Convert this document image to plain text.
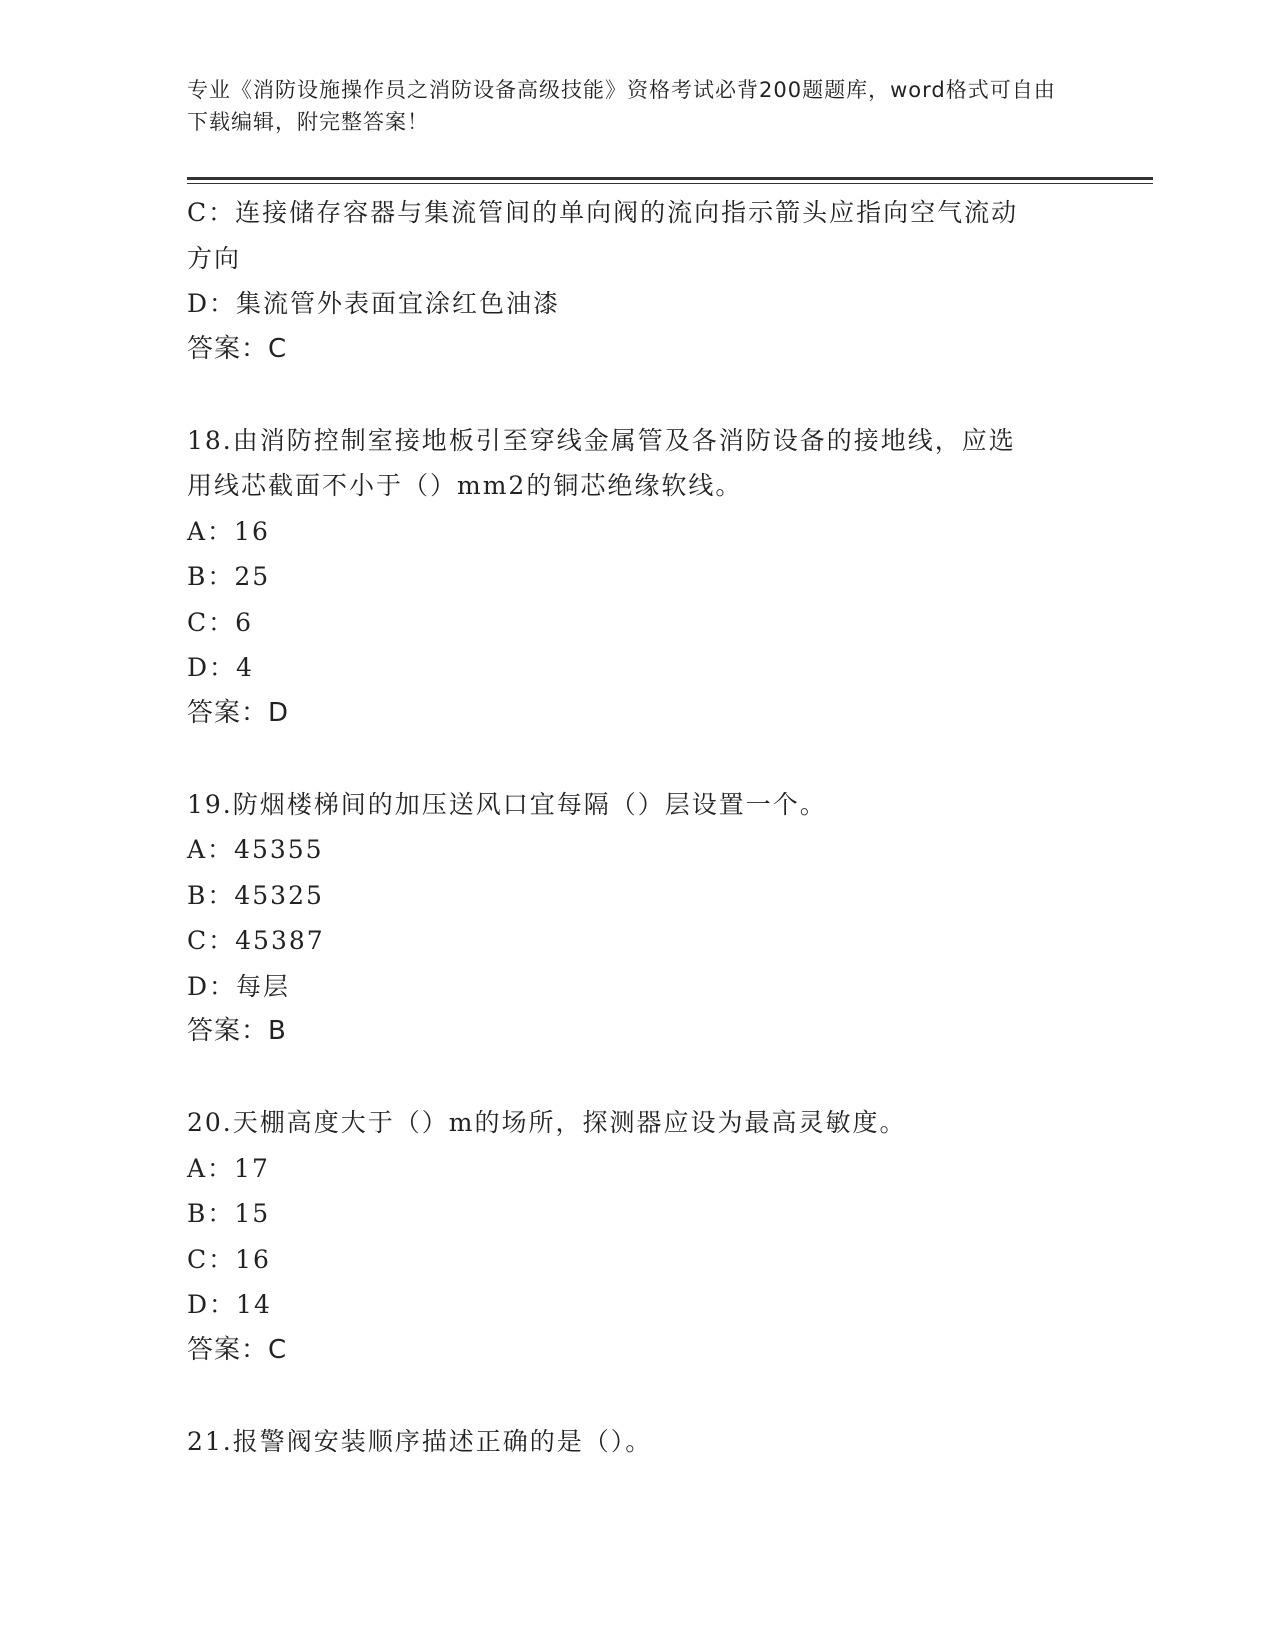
专业《消防设施操作员之消防设备高级技能》资格考试必背200题题库，word格式可自由下载编辑，附完整答案！
C：连接储存容器与集流管间的单向阀的流向指示箭头应指向空气流动
方向
D：集流管外表面宜涂红色油漆
答案：C
18.由消防控制室接地板引至穿线金属管及各消防设备的接地线，应选
用线芯截面不小于（）mm2的铜芯绝缘软线。
A：16
B：25
C：6
D：4
答案：D
19.防烟楼梯间的加压送风口宜每隔（）层设置一个。
A：45355
B：45325
C：45387
D：每层
答案：B
20.天棚高度大于（）m的场所，探测器应设为最高灵敏度。
A：17
B：15
C：16
D：14
答案：C
21.报警阀安装顺序描述正确的是（）。
